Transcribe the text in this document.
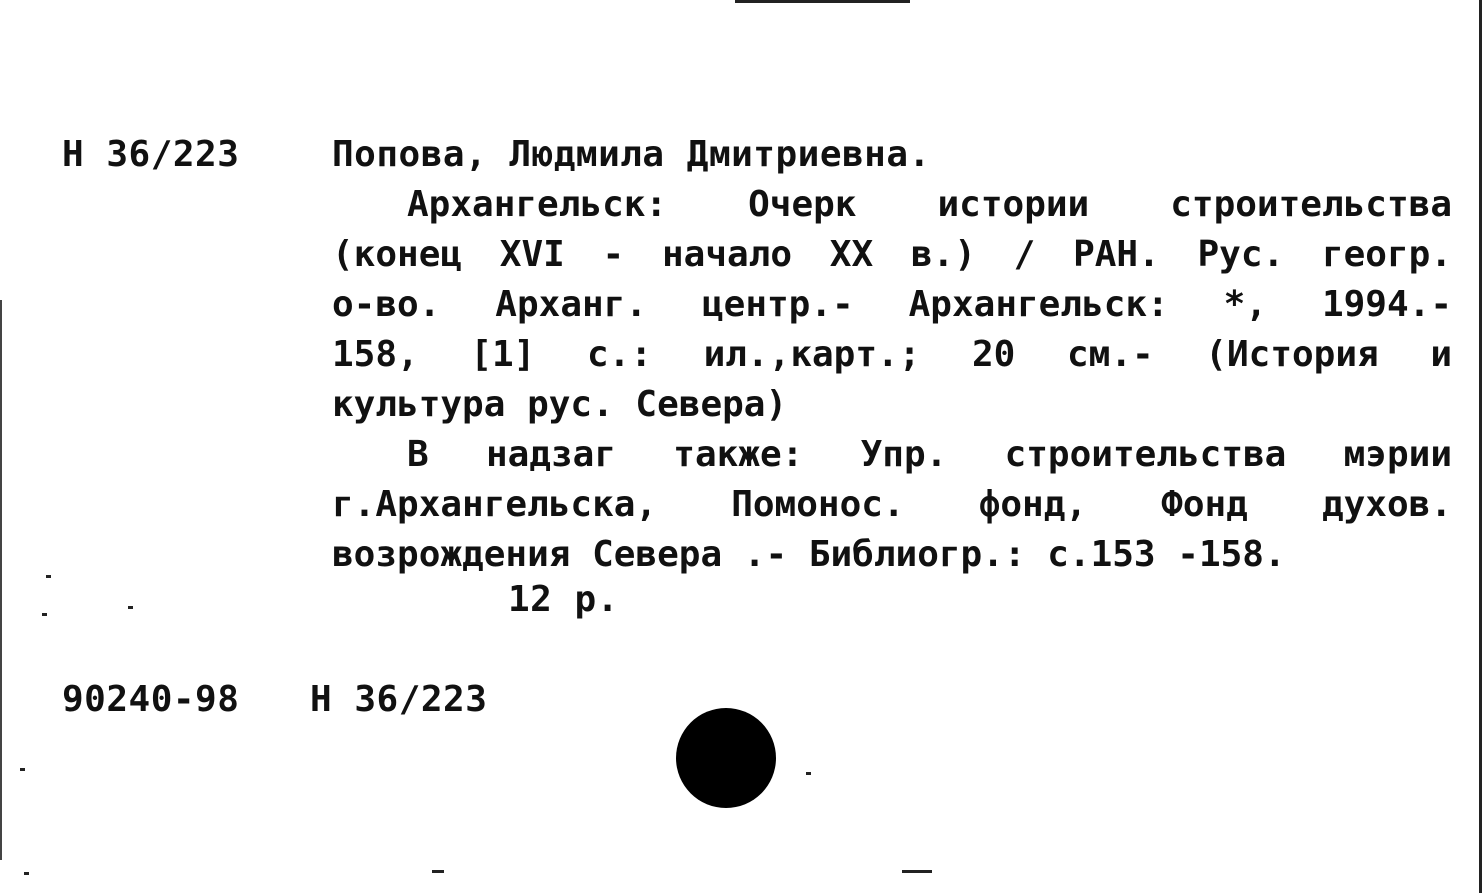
Н 36/223	Попова, Людмила Дмитриевна.
Архангельск: Очерк истории строительства
(конец XVI - начало XX в.) / РАН. Рус. геогр.
о-во. Арханг. центр.- Архангельск: *, 1994.-
158, [1] с.: ил.,карт.; 20 см.- (История и
культура рус. Севера)
В надзаг также: Упр. строительства мэрии
г.Архангельска, Помонос. фонд, Фонд духов.
возрождения Севера .- Библиогр.: с.153 -158.
12 р.
90240-98 Н 36/223
